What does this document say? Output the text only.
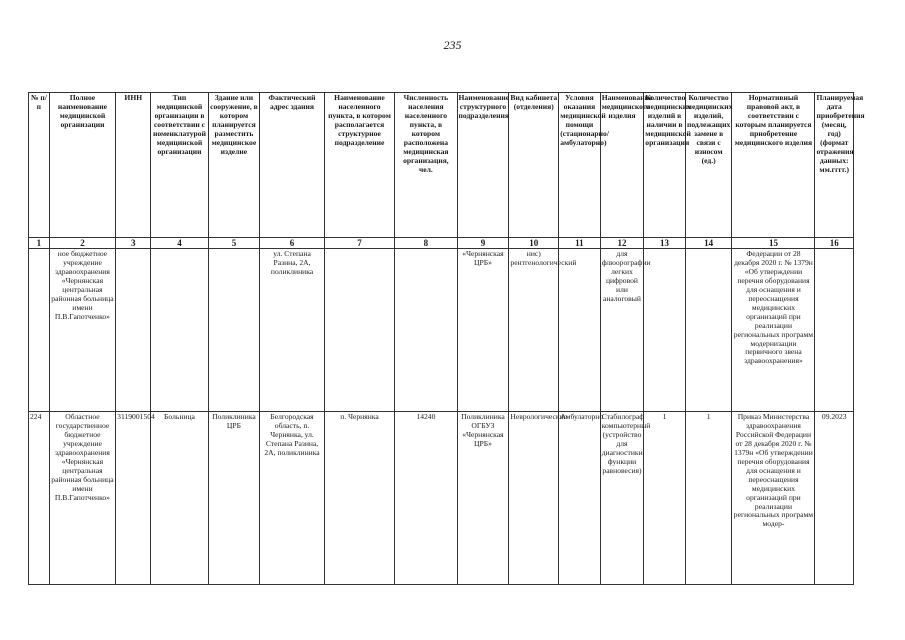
235
№ п/п	Полное наименование медицинской организации	ИНН	Тип медицинской организации в соответствии с номенклатурой медицинской организации	Здание или сооружение, в котором планируется разместить медицинское изделие	Фактический адрес здания	Наименование населенного пункта, в котором располагается структурное подразделение	Численность населения населенного пункта, в котором расположена медицинская организация, чел.	Наименование структурного подразделения	Вид кабинета (отделения)	Условия оказания медицинской помощи (стационарно/амбулаторно)	Наименование медицинского изделия	Количество медицинских изделий в наличии в медицинской организации	Количество медицинских изделий, подлежащих замене в связи с износом (ед.)	Нормативный правовой акт, в соответствии с которым планируется приобретение медицинского изделия	Планируемая дата приобретения (месяц, год) (формат отражения данных: мм.гггг.)
1	2	3	4	5	6	7	8	9	10	11	12	13	14	15	16
	ное бюджетное учреждение здравоохранения «Чернянская центральная районная больница имени П.В.Гапотченко»				ул. Степана Разина, 2А, поликлиника			«Чернянская ЦРБ»	нис) рентгенологический		для флюорографии легких цифровой или аналоговый			Федерации от 28 декабря 2020 г. № 1379н «Об утверждении перечня оборудования для оснащения и переоснащения медицинских организаций при реализации региональных программ модернизации первичного звена здравоохранения»	
224	Областное государственное бюджетное учреждение здравоохранения «Чернянская центральная районная больница имени П.В.Гапотченко»	3119001504	Больница	Поликлиника ЦРБ	Белгородская область, п. Чернянка, ул. Степана Разина, 2А, поликлиника	п. Чернянка	14240	Поликлиника ОГБУЗ «Чернянская ЦРБ»	Неврологические	Амбулаторно	Стабилограф компьютерный (устройство для диагностики функции равновесия)	1	1	Приказ Министерства здравоохранения Российской Федерации от 28 декабря 2020 г. № 1379н «Об утверждении перечня оборудования для оснащения и переоснащения медицинских организаций при реализации региональных программ модер-	09.2023
